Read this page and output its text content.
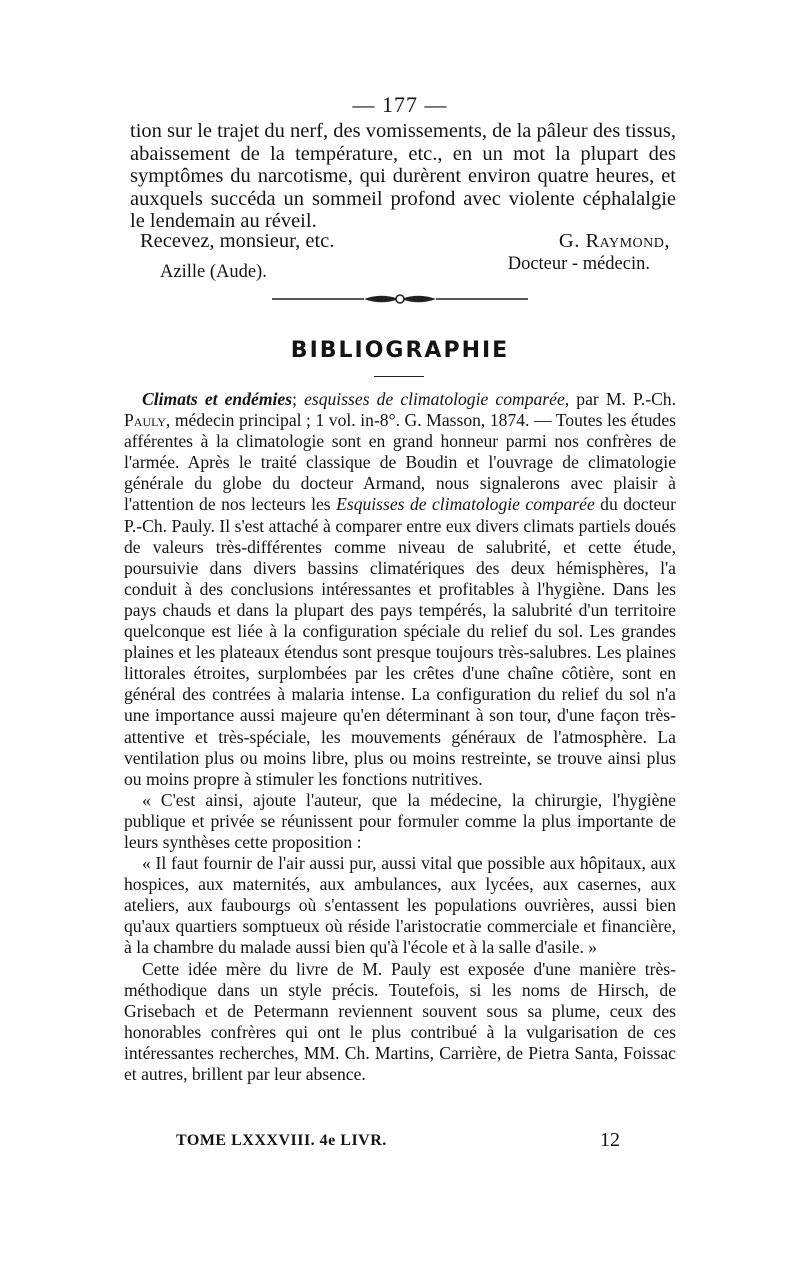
— 177 —

tion sur le trajet du nerf, des vomissements, de la pâleur des tissus, abaissement de la température, etc., en un mot la plupart des symptômes du narcotisme, qui durèrent environ quatre heures, et auxquels succéda un sommeil profond avec violente céphalalgie le lendemain au réveil.

Recevez, monsieur, etc.	G. Raymond,
Azille (Aude).	Docteur - médecin.
BIBLIOGRAPHIE

Climats et endémies; esquisses de climatologie comparée, par M. P.-Ch. Pauly, médecin principal ; 1 vol. in-8°. G. Masson, 1874. — Toutes les études afférentes à la climatologie sont en grand honneur parmi nos confrères de l'armée. Après le traité classique de Boudin et l'ouvrage de climatologie générale du globe du docteur Armand, nous signalerons avec plaisir à l'attention de nos lecteurs les Esquisses de climatologie comparée du docteur P.-Ch. Pauly. Il s'est attaché à comparer entre eux divers climats partiels doués de valeurs très-différentes comme niveau de salubrité, et cette étude, poursuivie dans divers bassins climatériques des deux hémisphères, l'a conduit à des conclusions intéressantes et profitables à l'hygiène. Dans les pays chauds et dans la plupart des pays tempérés, la salubrité d'un territoire quelconque est liée à la configuration spéciale du relief du sol. Les grandes plaines et les plateaux étendus sont presque toujours très-salubres. Les plaines littorales étroites, surplombées par les crêtes d'une chaîne côtière, sont en général des contrées à malaria intense. La configuration du relief du sol n'a une importance aussi majeure qu'en déterminant à son tour, d'une façon très-attentive et très-spéciale, les mouvements généraux de l'atmosphère. La ventilation plus ou moins libre, plus ou moins restreinte, se trouve ainsi plus ou moins propre à stimuler les fonctions nutritives.

« C'est ainsi, ajoute l'auteur, que la médecine, la chirurgie, l'hygiène publique et privée se réunissent pour formuler comme la plus importante de leurs synthèses cette proposition :

« Il faut fournir de l'air aussi pur, aussi vital que possible aux hôpitaux, aux hospices, aux maternités, aux ambulances, aux lycées, aux casernes, aux ateliers, aux faubourgs où s'entassent les populations ouvrières, aussi bien qu'aux quartiers somptueux où réside l'aristocratie commerciale et financière, à la chambre du malade aussi bien qu'à l'école et à la salle d'asile. »

Cette idée mère du livre de M. Pauly est exposée d'une manière très-méthodique dans un style précis. Toutefois, si les noms de Hirsch, de Grisebach et de Petermann reviennent souvent sous sa plume, ceux des honorables confrères qui ont le plus contribué à la vulgarisation de ces intéressantes recherches, MM. Ch. Martins, Carrière, de Pietra Santa, Foissac et autres, brillent par leur absence.

TOME LXXXVIII. 4e LIVR.	12
